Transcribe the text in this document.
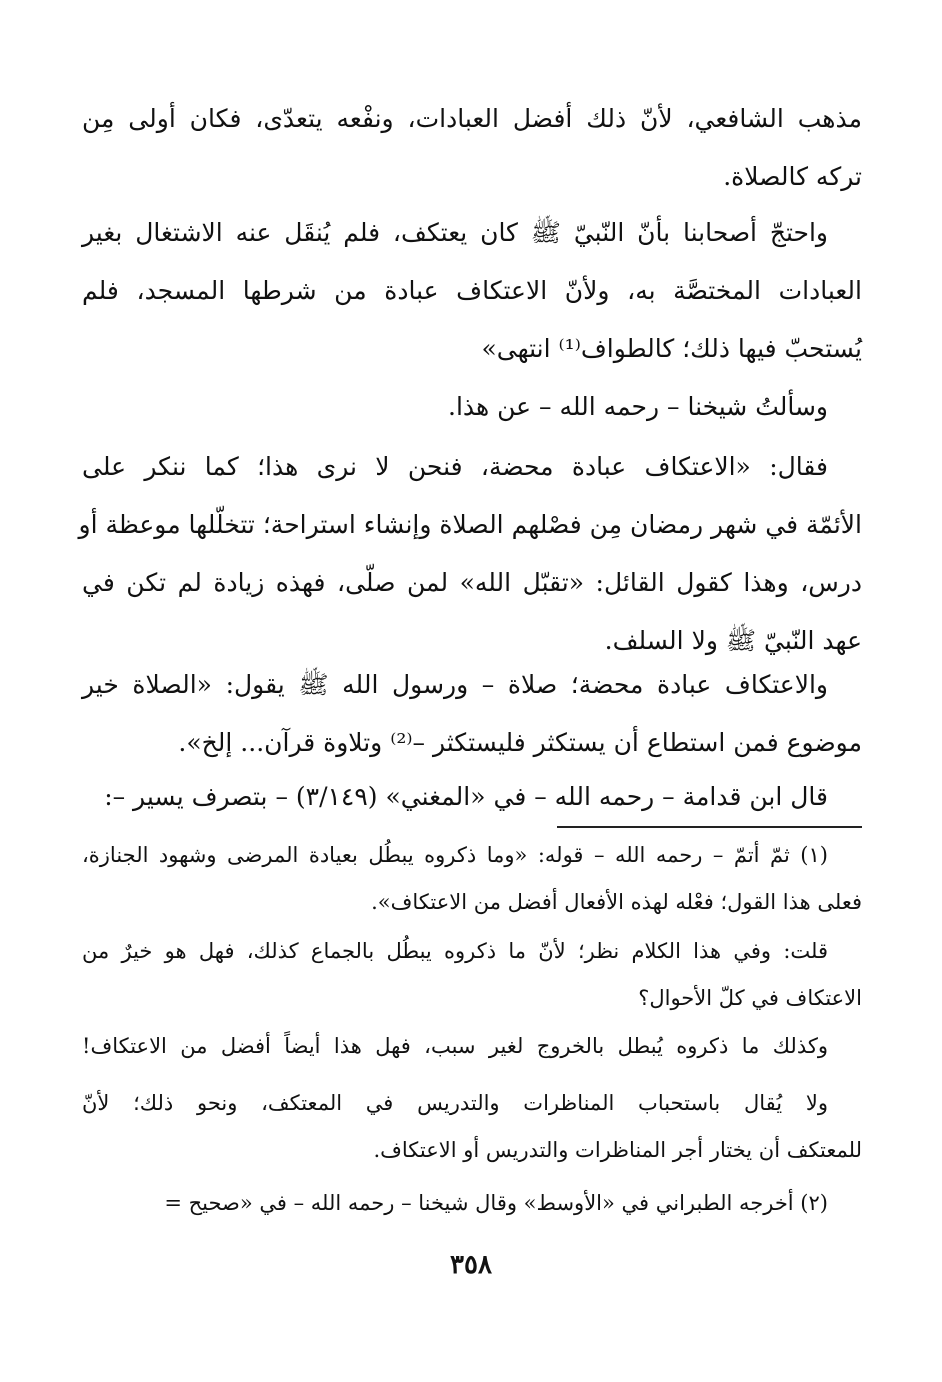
مذهب الشافعي، لأنّ ذلك أفضل العبادات، ونفْعه يتعدّى، فكان أولى مِن
تركه كالصلاة.
واحتجّ أصحابنا بأنّ النّبيّ ﷺ كان يعتكف، فلم يُنقَل عنه الاشتغال بغير
العبادات المختصَّة به، ولأنّ الاعتكاف عبادة من شرطها المسجد، فلم
يُستحبّ فيها ذلك؛ كالطواف⁽¹⁾ انتهى»
وسألتُ شيخنا – رحمه الله – عن هذا.
فقال: «الاعتكاف عبادة محضة، فنحن لا نرى هذا؛ كما ننكر على
الأئمّة في شهر رمضان مِن فصْلهم الصلاة وإنشاء استراحة؛ تتخلّلها موعظة أو
درس، وهذا كقول القائل: «تقبّل الله» لمن صلّى، فهذه زيادة لم تكن في
عهد النّبيّ ﷺ ولا السلف.
والاعتكاف عبادة محضة؛ صلاة – ورسول الله ﷺ يقول: «الصلاة خير
موضوع فمن استطاع أن يستكثر فليستكثر –⁽²⁾ وتلاوة قرآن... إلخ».
قال ابن قدامة – رحمه الله – في «المغني» (٣/١٤٩) – بتصرف يسير –:
(١) ثمّ أتمّ – رحمه الله – قوله: «وما ذكروه يبطُل بعيادة المرضى وشهود الجنازة،
فعلى هذا القول؛ فعْله لهذه الأفعال أفضل من الاعتكاف».
قلت: وفي هذا الكلام نظر؛ لأنّ ما ذكروه يبطُل بالجماع كذلك، فهل هو خيرٌ من
الاعتكاف في كلّ الأحوال؟
وكذلك ما ذكروه يُبطل بالخروج لغير سبب، فهل هذا أيضاً أفضل من الاعتكاف!
ولا يُقال باستحباب المناظرات والتدريس في المعتكف، ونحو ذلك؛ لأنّ
للمعتكف أن يختار أجر المناظرات والتدريس أو الاعتكاف.
(٢) أخرجه الطبراني في «الأوسط» وقال شيخنا – رحمه الله – في «صحيح =
٣٥٨
